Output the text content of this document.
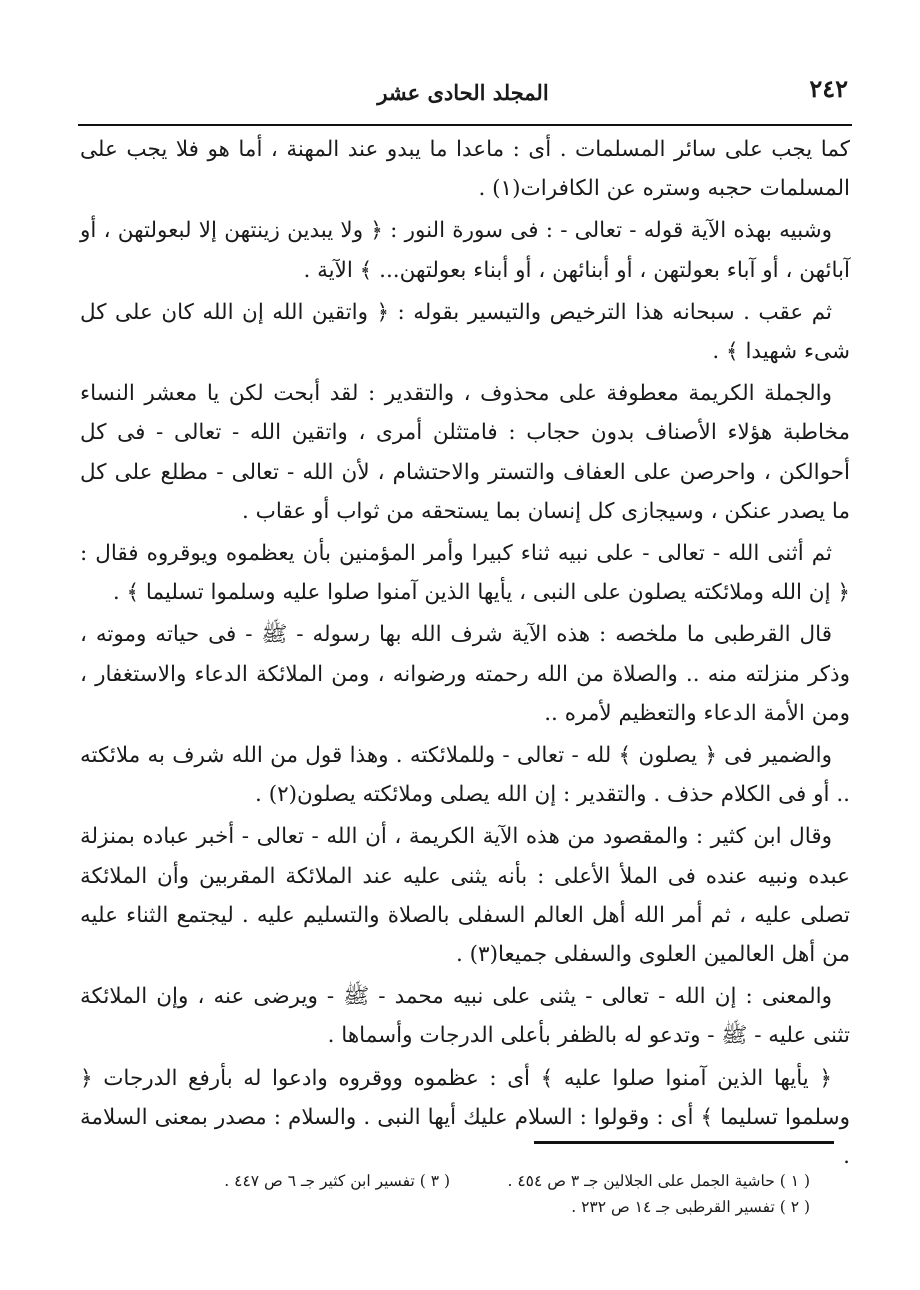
٢٤٢
المجلد الحادى عشر

كما يجب على سائر المسلمات . أى : ماعدا ما يبدو عند المهنة ، أما هو فلا يجب على المسلمات حجبه وستره عن الكافرات(١) .

وشبيه بهذه الآية قوله - تعالى - : فى سورة النور : ﴿ ولا يبدين زينتهن إلا لبعولتهن ، أو آبائهن ، أو آباء بعولتهن ، أو أبنائهن ، أو أبناء بعولتهن... ﴾ الآية .

ثم عقب . سبحانه هذا الترخيص والتيسير بقوله : ﴿ واتقين الله إن الله كان على كل شىء شهيدا ﴾ .

والجملة الكريمة معطوفة على محذوف ، والتقدير : لقد أبحت لكن يا معشر النساء مخاطبة هؤلاء الأصناف بدون حجاب : فامتثلن أمرى ، واتقين الله - تعالى - فى كل أحوالكن ، واحرصن على العفاف والتستر والاحتشام ، لأن الله - تعالى - مطلع على كل ما يصدر عنكن ، وسيجازى كل إنسان بما يستحقه من ثواب أو عقاب .

ثم أثنى الله - تعالى - على نبيه ثناء كبيرا وأمر المؤمنين بأن يعظموه ويوقروه فقال : ﴿ إن الله وملائكته يصلون على النبى ، يأيها الذين آمنوا صلوا عليه وسلموا تسليما ﴾ .

قال القرطبى ما ملخصه : هذه الآية شرف الله بها رسوله - ﷺ - فى حياته وموته ، وذكر منزلته منه .. والصلاة من الله رحمته ورضوانه ، ومن الملائكة الدعاء والاستغفار ، ومن الأمة الدعاء والتعظيم لأمره ..

والضمير فى ﴿ يصلون ﴾ لله - تعالى - وللملائكته . وهذا قول من الله شرف به ملائكته .. أو فى الكلام حذف . والتقدير : إن الله يصلى وملائكته يصلون(٢) .

وقال ابن كثير : والمقصود من هذه الآية الكريمة ، أن الله - تعالى - أخبر عباده بمنزلة عبده ونبيه عنده فى الملأ الأعلى : بأنه يثنى عليه عند الملائكة المقربين وأن الملائكة تصلى عليه ، ثم أمر الله أهل العالم السفلى بالصلاة والتسليم عليه . ليجتمع الثناء عليه من أهل العالمين العلوى والسفلى جميعا(٣) .

والمعنى : إن الله - تعالى - يثنى على نبيه محمد - ﷺ - ويرضى عنه ، وإن الملائكة تثنى عليه - ﷺ - وتدعو له بالظفر بأعلى الدرجات وأسماها .

﴿ يأيها الذين آمنوا صلوا عليه ﴾ أى : عظموه ووقروه وادعوا له بأرفع الدرجات ﴿ وسلموا تسليما ﴾ أى : وقولوا : السلام عليك أيها النبى . والسلام : مصدر بمعنى السلامة .

( ١ ) حاشية الجمل على الجلالين جـ ٣ ص ٤٥٤ .

( ٢ ) تفسير القرطبى جـ ١٤ ص ٢٣٢ .

( ٣ ) تفسير ابن كثير جـ ٦ ص ٤٤٧ .
